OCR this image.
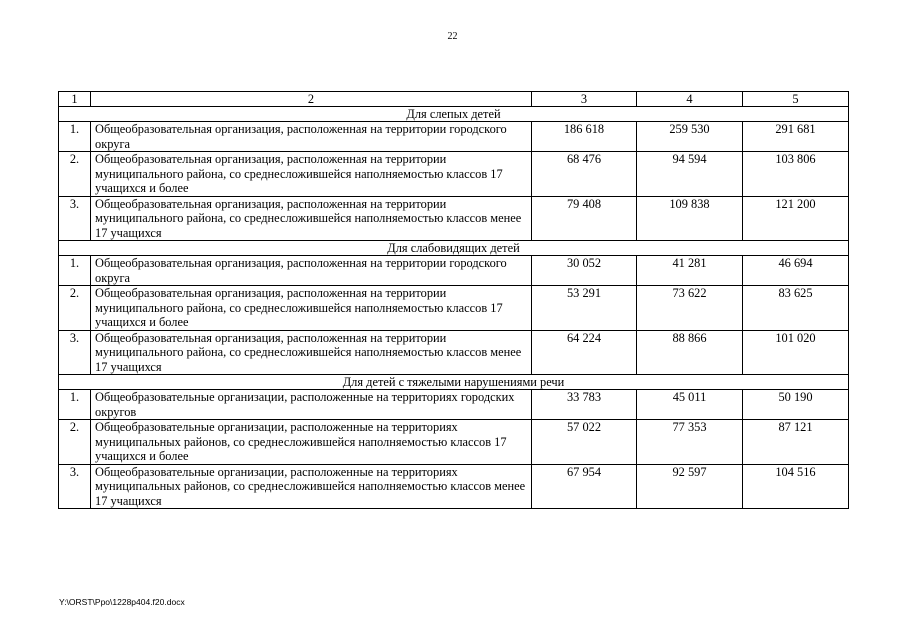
22
1	2	3	4	5
Для слепых детей				
1.	Общеобразовательная организация, расположенная на территории городского округа	186 618	259 530	291 681
2.	Общеобразовательная организация, расположенная на территории муниципального района, со среднесложившейся наполняемостью классов 17 учащихся и более	68 476	94 594	103 806
3.	Общеобразовательная организация, расположенная на территории муниципального района, со среднесложившейся наполняемостью классов менее 17 учащихся	79 408	109 838	121 200
Для слабовидящих детей				
1.	Общеобразовательная организация, расположенная на территории городского округа	30 052	41 281	46 694
2.	Общеобразовательная организация, расположенная на территории муниципального района, со среднесложившейся наполняемостью классов 17 учащихся и более	53 291	73 622	83 625
3.	Общеобразовательная организация, расположенная на территории муниципального района, со среднесложившейся наполняемостью классов менее 17 учащихся	64 224	88 866	101 020
Для детей с тяжелыми нарушениями речи				
1.	Общеобразовательные организации, расположенные на территориях городских округов	33 783	45 011	50 190
2.	Общеобразовательные организации, расположенные на территориях муниципальных районов, со среднесложившейся наполняемостью классов 17 учащихся и более	57 022	77 353	87 121
3.	Общеобразовательные организации, расположенные на территориях муниципальных районов, со среднесложившейся наполняемостью классов менее 17 учащихся	67 954	92 597	104 516
Y:\ORST\Ppo\1228p404.f20.docx
